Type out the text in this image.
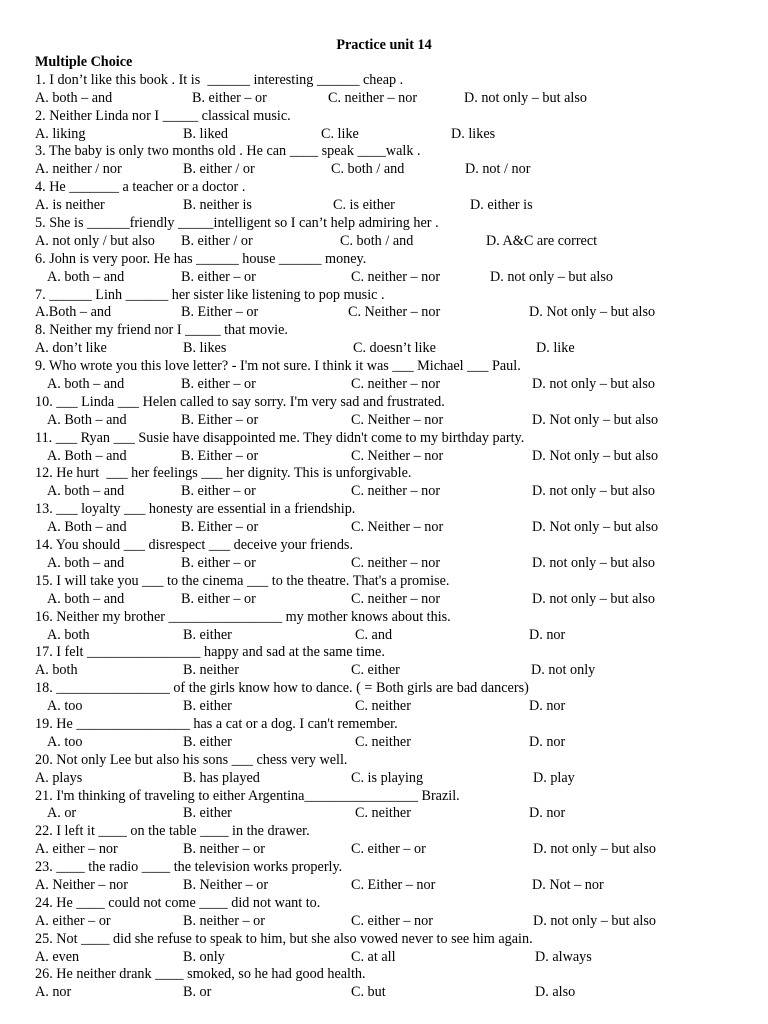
Practice unit 14
Multiple Choice
1. I don’t like this book . It is  ______ interesting ______ cheap .
A. both – and	B. either – or	C. neither – nor	D. not only – but also
2. Neither Linda nor I _____ classical music.
A. liking	B. liked	C. like	D. likes
3. The baby is only two months old . He can ____ speak ____walk .
A. neither / nor	B. either / or	C. both / and	D. not / nor
4. He _______ a teacher or a doctor .
A. is neither	B. neither is	C. is either	D. either is
5. She is ______friendly _____intelligent so I can’t help admiring her .
A. not only / but also B. either / or	C. both / and	D. A&C are correct
6. John is very poor. He has ______ house ______ money.
A. both – and	B. either – or	C. neither – nor	D. not only – but also
7. ______ Linh ______ her sister like listening to pop music .
A.Both – and	B. Either – or	C. Neither – nor	D. Not only – but also
8. Neither my friend nor I _____ that movie.
A. don’t like	B. likes	C. doesn’t like	D. like
9. Who wrote you this love letter? - I'm not sure. I think it was ___ Michael ___ Paul.
A. both – and	B. either – or	C. neither – nor	D. not only – but also
10. ___ Linda ___ Helen called to say sorry. I'm very sad and frustrated.
A. Both – and	B. Either – or	C. Neither – nor	D. Not only – but also
11. ___ Ryan ___ Susie have disappointed me. They didn't come to my birthday party.
A. Both – and	B. Either – or	C. Neither – nor	D. Not only – but also
12. He hurt  ___ her feelings ___ her dignity. This is unforgivable.
A. both – and	B. either – or	C. neither – nor	D. not only – but also
13. ___ loyalty ___ honesty are essential in a friendship.
A. Both – and	B. Either – or	C. Neither – nor	D. Not only – but also
14. You should ___ disrespect ___ deceive your friends.
A. both – and	B. either – or	C. neither – nor	D. not only – but also
15. I will take you ___ to the cinema ___ to the theatre. That's a promise.
A. both – and	B. either – or	C. neither – nor	D. not only – but also
16. Neither my brother ________________ my mother knows about this.
A. both	B. either	C. and	D. nor
17. I felt ________________ happy and sad at the same time.
A. both	B. neither	C. either	D. not only
18. ________________ of the girls know how to dance. ( = Both girls are bad dancers)
A. too	B. either	C. neither	D. nor
19. He ________________ has a cat or a dog. I can't remember.
A. too	B. either	C. neither	D. nor
20. Not only Lee but also his sons ___ chess very well.
A. plays	B. has played	C. is playing	D. play
21. I'm thinking of traveling to either Argentina________________ Brazil.
A. or	B. either	C. neither	D. nor
22. I left it ____ on the table ____ in the drawer.
A. either – nor	B. neither – or	C. either – or	D. not only – but also
23. ____ the radio ____ the television works properly.
A. Neither – nor	B. Neither – or	C. Either – nor	D. Not – nor
24. He ____ could not come ____ did not want to.
A. either – or	B. neither – or	C. either – nor	D. not only – but also
25. Not ____ did she refuse to speak to him, but she also vowed never to see him again.
A. even	B. only	C. at all	D. always
26. He neither drank ____ smoked, so he had good health.
A. nor	B. or	C. but	D. also
